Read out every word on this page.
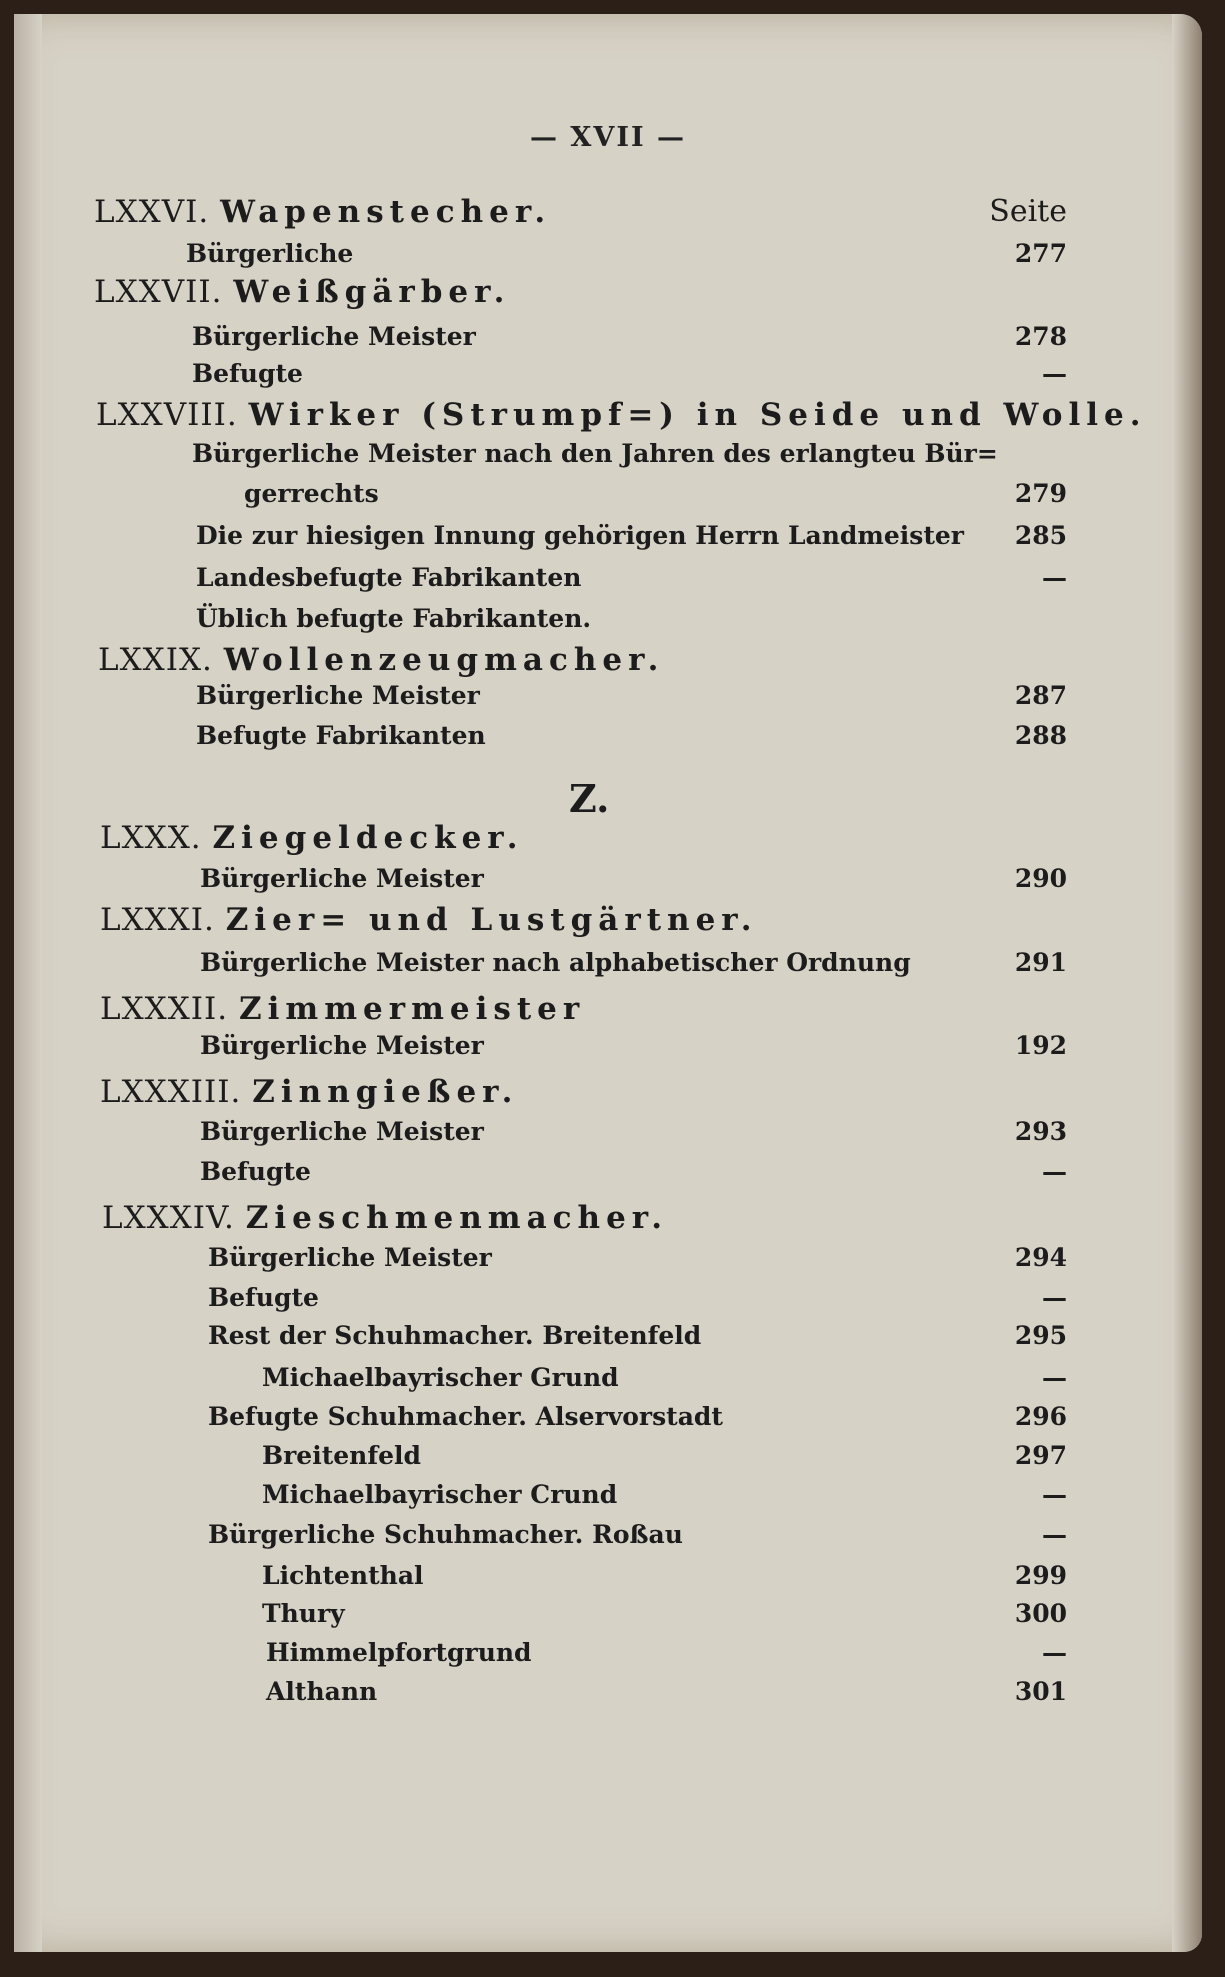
— XVII —
Z.
LXXVI. Wapenstecher.	Seite
Bürgerliche	277
LXXVII. Weißgärber.
Bürgerliche Meister	278
Befugte	—
LXXVIII. Wirker (Strumpf=) in Seide und Wolle.
Bürgerliche Meister nach den Jahren des erlangteu Bür=
gerrechts	279
Die zur hiesigen Innung gehörigen Herrn Landmeister 285
Landesbefugte Fabrikanten	—
Üblich befugte Fabrikanten.
LXXIX. Wollenzeugmacher.
Bürgerliche Meister	287
Befugte Fabrikanten	288
LXXX. Ziegeldecker.
Bürgerliche Meister	290
LXXXI. Zier= und Lustgärtner.
Bürgerliche Meister nach alphabetischer Ordnung	291
LXXXII. Zimmermeister
Bürgerliche Meister	192
LXXXIII. Zinngießer.
Bürgerliche Meister	293
Befugte	—
LXXXIV. Zieschmenmacher.
Bürgerliche Meister	294
Befugte	—
Rest der Schuhmacher. Breitenfeld	295
Michaelbayrischer Grund	—
Befugte Schuhmacher. Alservorstadt	296
Breitenfeld	297
Michaelbayrischer Crund	—
Bürgerliche Schuhmacher. Roßau	—
Lichtenthal	299
Thury	300
Himmelpfortgrund	—
Althann	301
